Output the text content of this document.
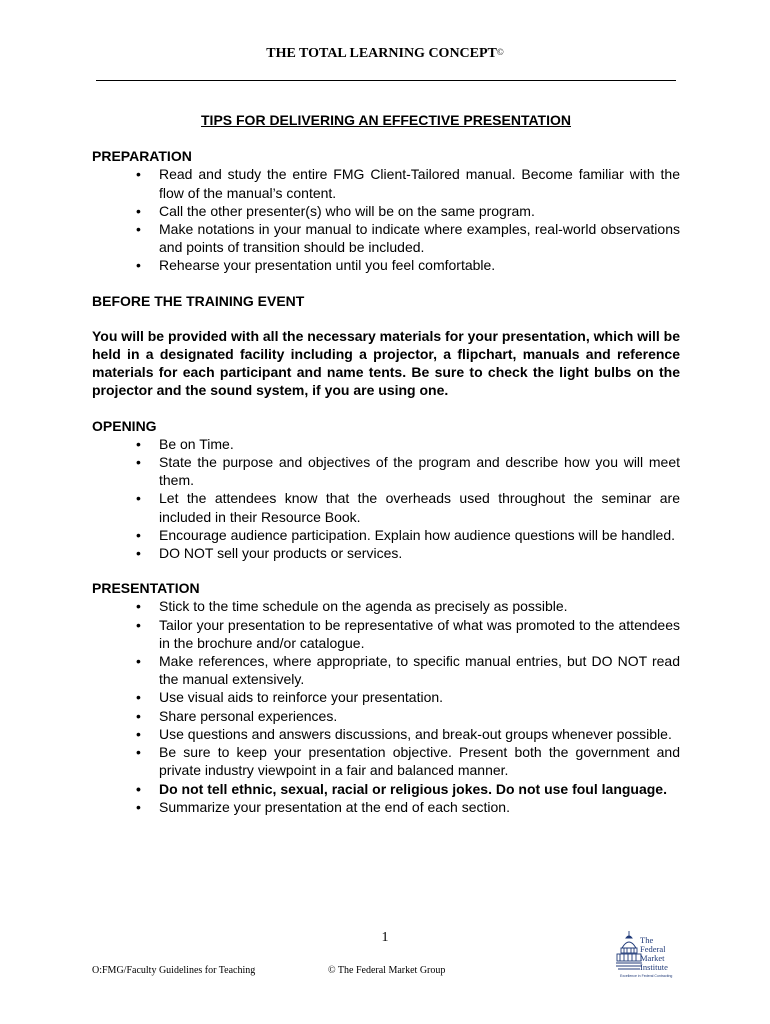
THE TOTAL LEARNING CONCEPT©

TIPS FOR DELIVERING AN EFFECTIVE PRESENTATION

PREPARATION

• Read and study the entire FMG Client-Tailored manual. Become familiar with the flow of the manual’s content.
• Call the other presenter(s) who will be on the same program.
• Make notations in your manual to indicate where examples, real-world observations and points of transition should be included.
• Rehearse your presentation until you feel comfortable.

BEFORE THE TRAINING EVENT

You will be provided with all the necessary materials for your presentation, which will be held in a designated facility including a projector, a flipchart, manuals and reference materials for each participant and name tents. Be sure to check the light bulbs on the projector and the sound system, if you are using one.

OPENING

• Be on Time.
• State the purpose and objectives of the program and describe how you will meet them.
• Let the attendees know that the overheads used throughout the seminar are included in their Resource Book.
• Encourage audience participation. Explain how audience questions will be handled.
• DO NOT sell your products or services.

PRESENTATION

• Stick to the time schedule on the agenda as precisely as possible.
• Tailor your presentation to be representative of what was promoted to the attendees in the brochure and/or catalogue.
• Make references, where appropriate, to specific manual entries, but DO NOT read the manual extensively.
• Use visual aids to reinforce your presentation.
• Share personal experiences.
• Use questions and answers discussions, and break-out groups whenever possible.
• Be sure to keep your presentation objective. Present both the government and private industry viewpoint in a fair and balanced manner.
• Do not tell ethnic, sexual, racial or religious jokes. Do not use foul language.
• Summarize your presentation at the end of each section.
1
O:FMG/Faculty Guidelines for Teaching	© The Federal Market Group
The
Federal
Market
Institute
Excellence in Federal Contracting
